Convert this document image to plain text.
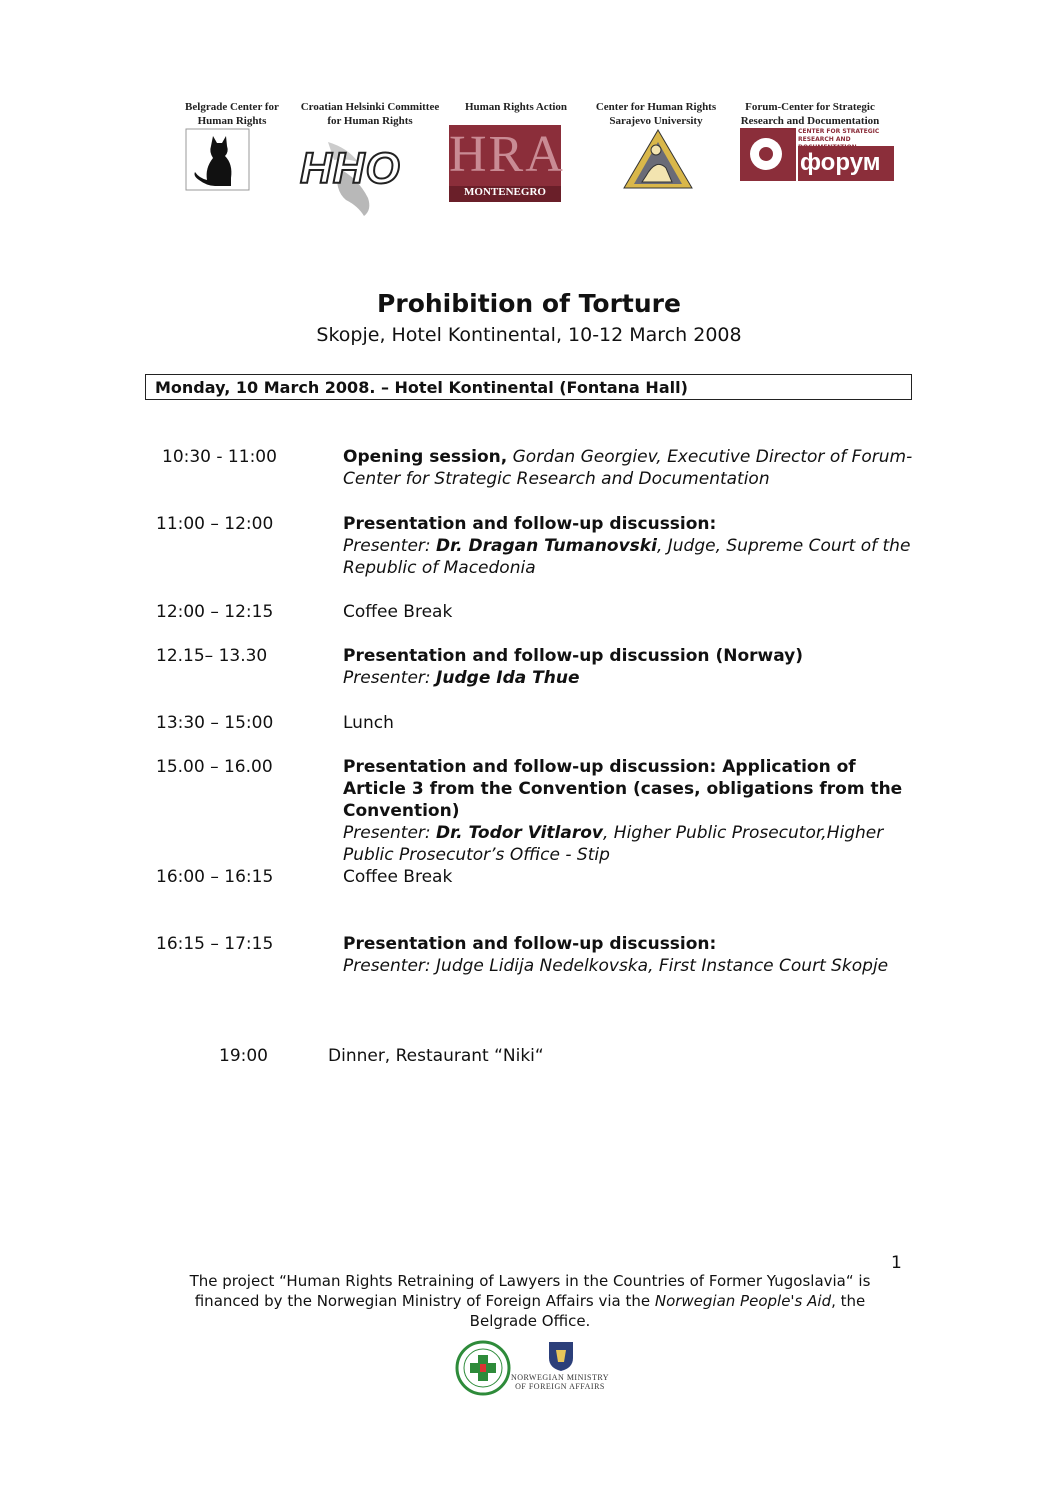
Belgrade Center for
Human Rights
Croatian Helsinki Committee
for Human Rights
Human Rights Action	Center for Human Rights
Sarajevo University
Forum-Center for Strategic
Research and Documentation
HHO HRA
MONTENEGRO
CENTER FOR STRATEGIC
RESEARCH AND
форум
Prohibition of Torture
Skopje, Hotel Kontinental, 10-12 March 2008
Monday, 10 March 2008. – Hotel Kontinental (Fontana Hall)
10:30 - 11:00	Opening session, Gordan Georgiev, Executive Director of Forum-Center for Strategic Research and Documentation
11:00 – 12:00	Presentation and follow-up discussion:
Presenter: Dr. Dragan Tumanovski, Judge, Supreme Court of the Republic of Macedonia
12:00 – 12:15	Coffee Break
12.15– 13.30	Presentation and follow-up discussion (Norway)
Presenter: Judge Ida Thue
13:30 – 15:00	Lunch
15.00 – 16.00	Presentation and follow-up discussion: Application of Article 3 from the Convention (cases, obligations from the Convention)
Presenter: Dr. Todor Vitlarov, Higher Public Prosecutor,Higher Public Prosecutor’s Office - Stip
16:00 – 16:15	Coffee Break
16:15 – 17:15	Presentation and follow-up discussion:
Presenter: Judge Lidija Nedelkovska, First Instance Court Skopje
19:00	Dinner, Restaurant “Niki“
1
The project “Human Rights Retraining of Lawyers in the Countries of Former Yugoslavia“ is
financed by the Norwegian Ministry of Foreign Affairs via the Norwegian People's Aid, the
Belgrade Office.
NORWEGIAN MINISTRY
OF FOREIGN AFFAIRS
